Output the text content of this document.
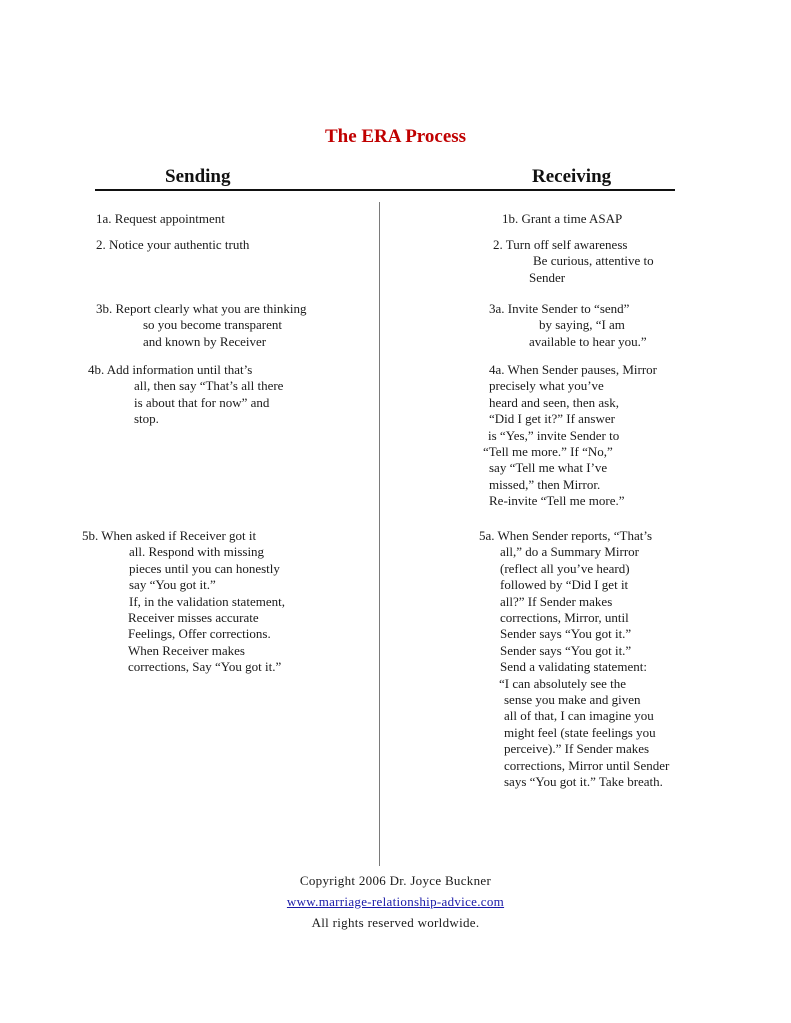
The ERA Process
Sending	Receiving
1a. Request appointment
2. Notice your authentic truth
3b. Report clearly what you are thinking
so you become transparent
and known by Receiver
4b. Add information until that’s
all, then say “That’s all there
is about that for now” and
stop.
5b. When asked if Receiver got it
all. Respond with missing
pieces until you can honestly
say “You got it.”
If, in the validation statement,
Receiver misses accurate
Feelings, Offer corrections.
When Receiver makes
corrections, Say “You got it.”
1b. Grant a time ASAP
2. Turn off self awareness
Be curious, attentive to
Sender
3a. Invite Sender to “send”
by saying, “I am
available to hear you.”
4a. When Sender pauses, Mirror
precisely what you’ve
heard and seen, then ask,
“Did I get it?” If answer
is “Yes,” invite Sender to
“Tell me more.” If “No,”
say “Tell me what I’ve
missed,” then Mirror.
Re-invite “Tell me more.”
5a. When Sender reports, “That’s
all,” do a Summary Mirror
(reflect all you’ve heard)
followed by “Did I get it
all?” If Sender makes
corrections, Mirror, until
Sender says “You got it.”
Sender says “You got it.”
Send a validating statement:
“I can absolutely see the
sense you make and given
all of that, I can imagine you
might feel (state feelings you
perceive).” If Sender makes
corrections, Mirror until Sender
says “You got it.” Take breath.
Copyright 2006 Dr. Joyce Buckner
www.marriage-relationship-advice.com
All rights reserved worldwide.
